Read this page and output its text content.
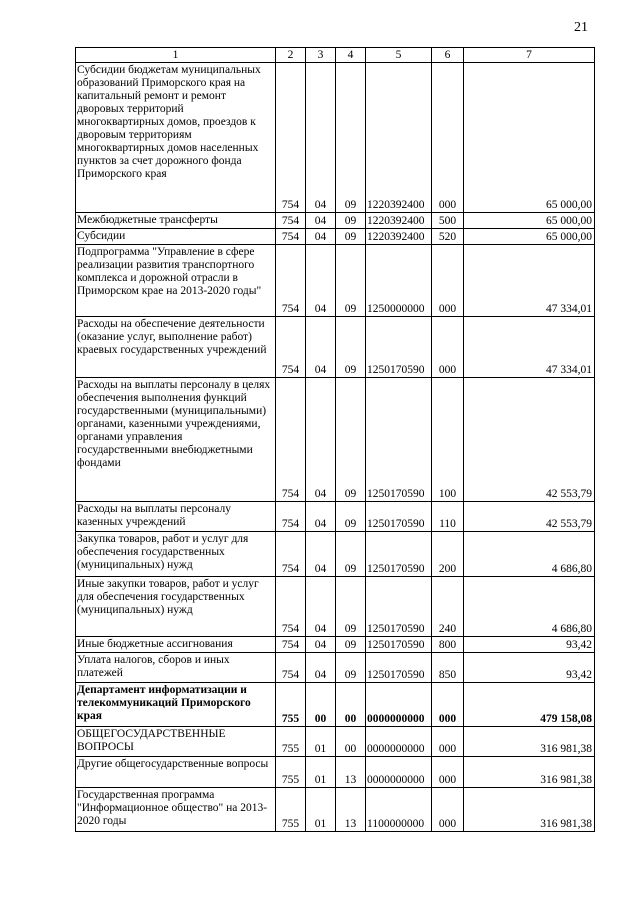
21
1	2	3	4	5	6	7
Субсидии бюджетам муниципальных образований Приморского края на капитальный ремонт и ремонт дворовых территорий многоквартирных домов, проездов к дворовым территориям многоквартирных домов населенных пунктов за счет дорожного фонда Приморского края	754	04	09	1220392400	000	65 000,00
Межбюджетные трансферты	754	04	09	1220392400	500	65 000,00
Субсидии	754	04	09	1220392400	520	65 000,00
Подпрограмма "Управление в сфере реализации развития транспортного комплекса и дорожной отрасли в Приморском крае на 2013-2020 годы"	754	04	09	1250000000	000	47 334,01
Расходы на обеспечение деятельности (оказание услуг, выполнение работ) краевых государственных учреждений	754	04	09	1250170590	000	47 334,01
Расходы на выплаты персоналу в целях обеспечения выполнения функций государственными (муниципальными) органами, казенными учреждениями, органами управления государственными внебюджетными фондами	754	04	09	1250170590	100	42 553,79
Расходы на выплаты персоналу казенных учреждений	754	04	09	1250170590	110	42 553,79
Закупка товаров, работ и услуг для обеспечения государственных (муниципальных) нужд	754	04	09	1250170590	200	4 686,80
Иные закупки товаров, работ и услуг для обеспечения государственных (муниципальных) нужд	754	04	09	1250170590	240	4 686,80
Иные бюджетные ассигнования	754	04	09	1250170590	800	93,42
Уплата налогов, сборов и иных платежей	754	04	09	1250170590	850	93,42
Департамент информатизации и телекоммуникаций Приморского края	755	00	00	0000000000	000	479 158,08
ОБЩЕГОСУДАРСТВЕННЫЕ ВОПРОСЫ	755	01	00	0000000000	000	316 981,38
Другие общегосударственные вопросы	755	01	13	0000000000	000	316 981,38
Государственная программа "Информационное общество" на 2013-2020 годы	755	01	13	1100000000	000	316 981,38
